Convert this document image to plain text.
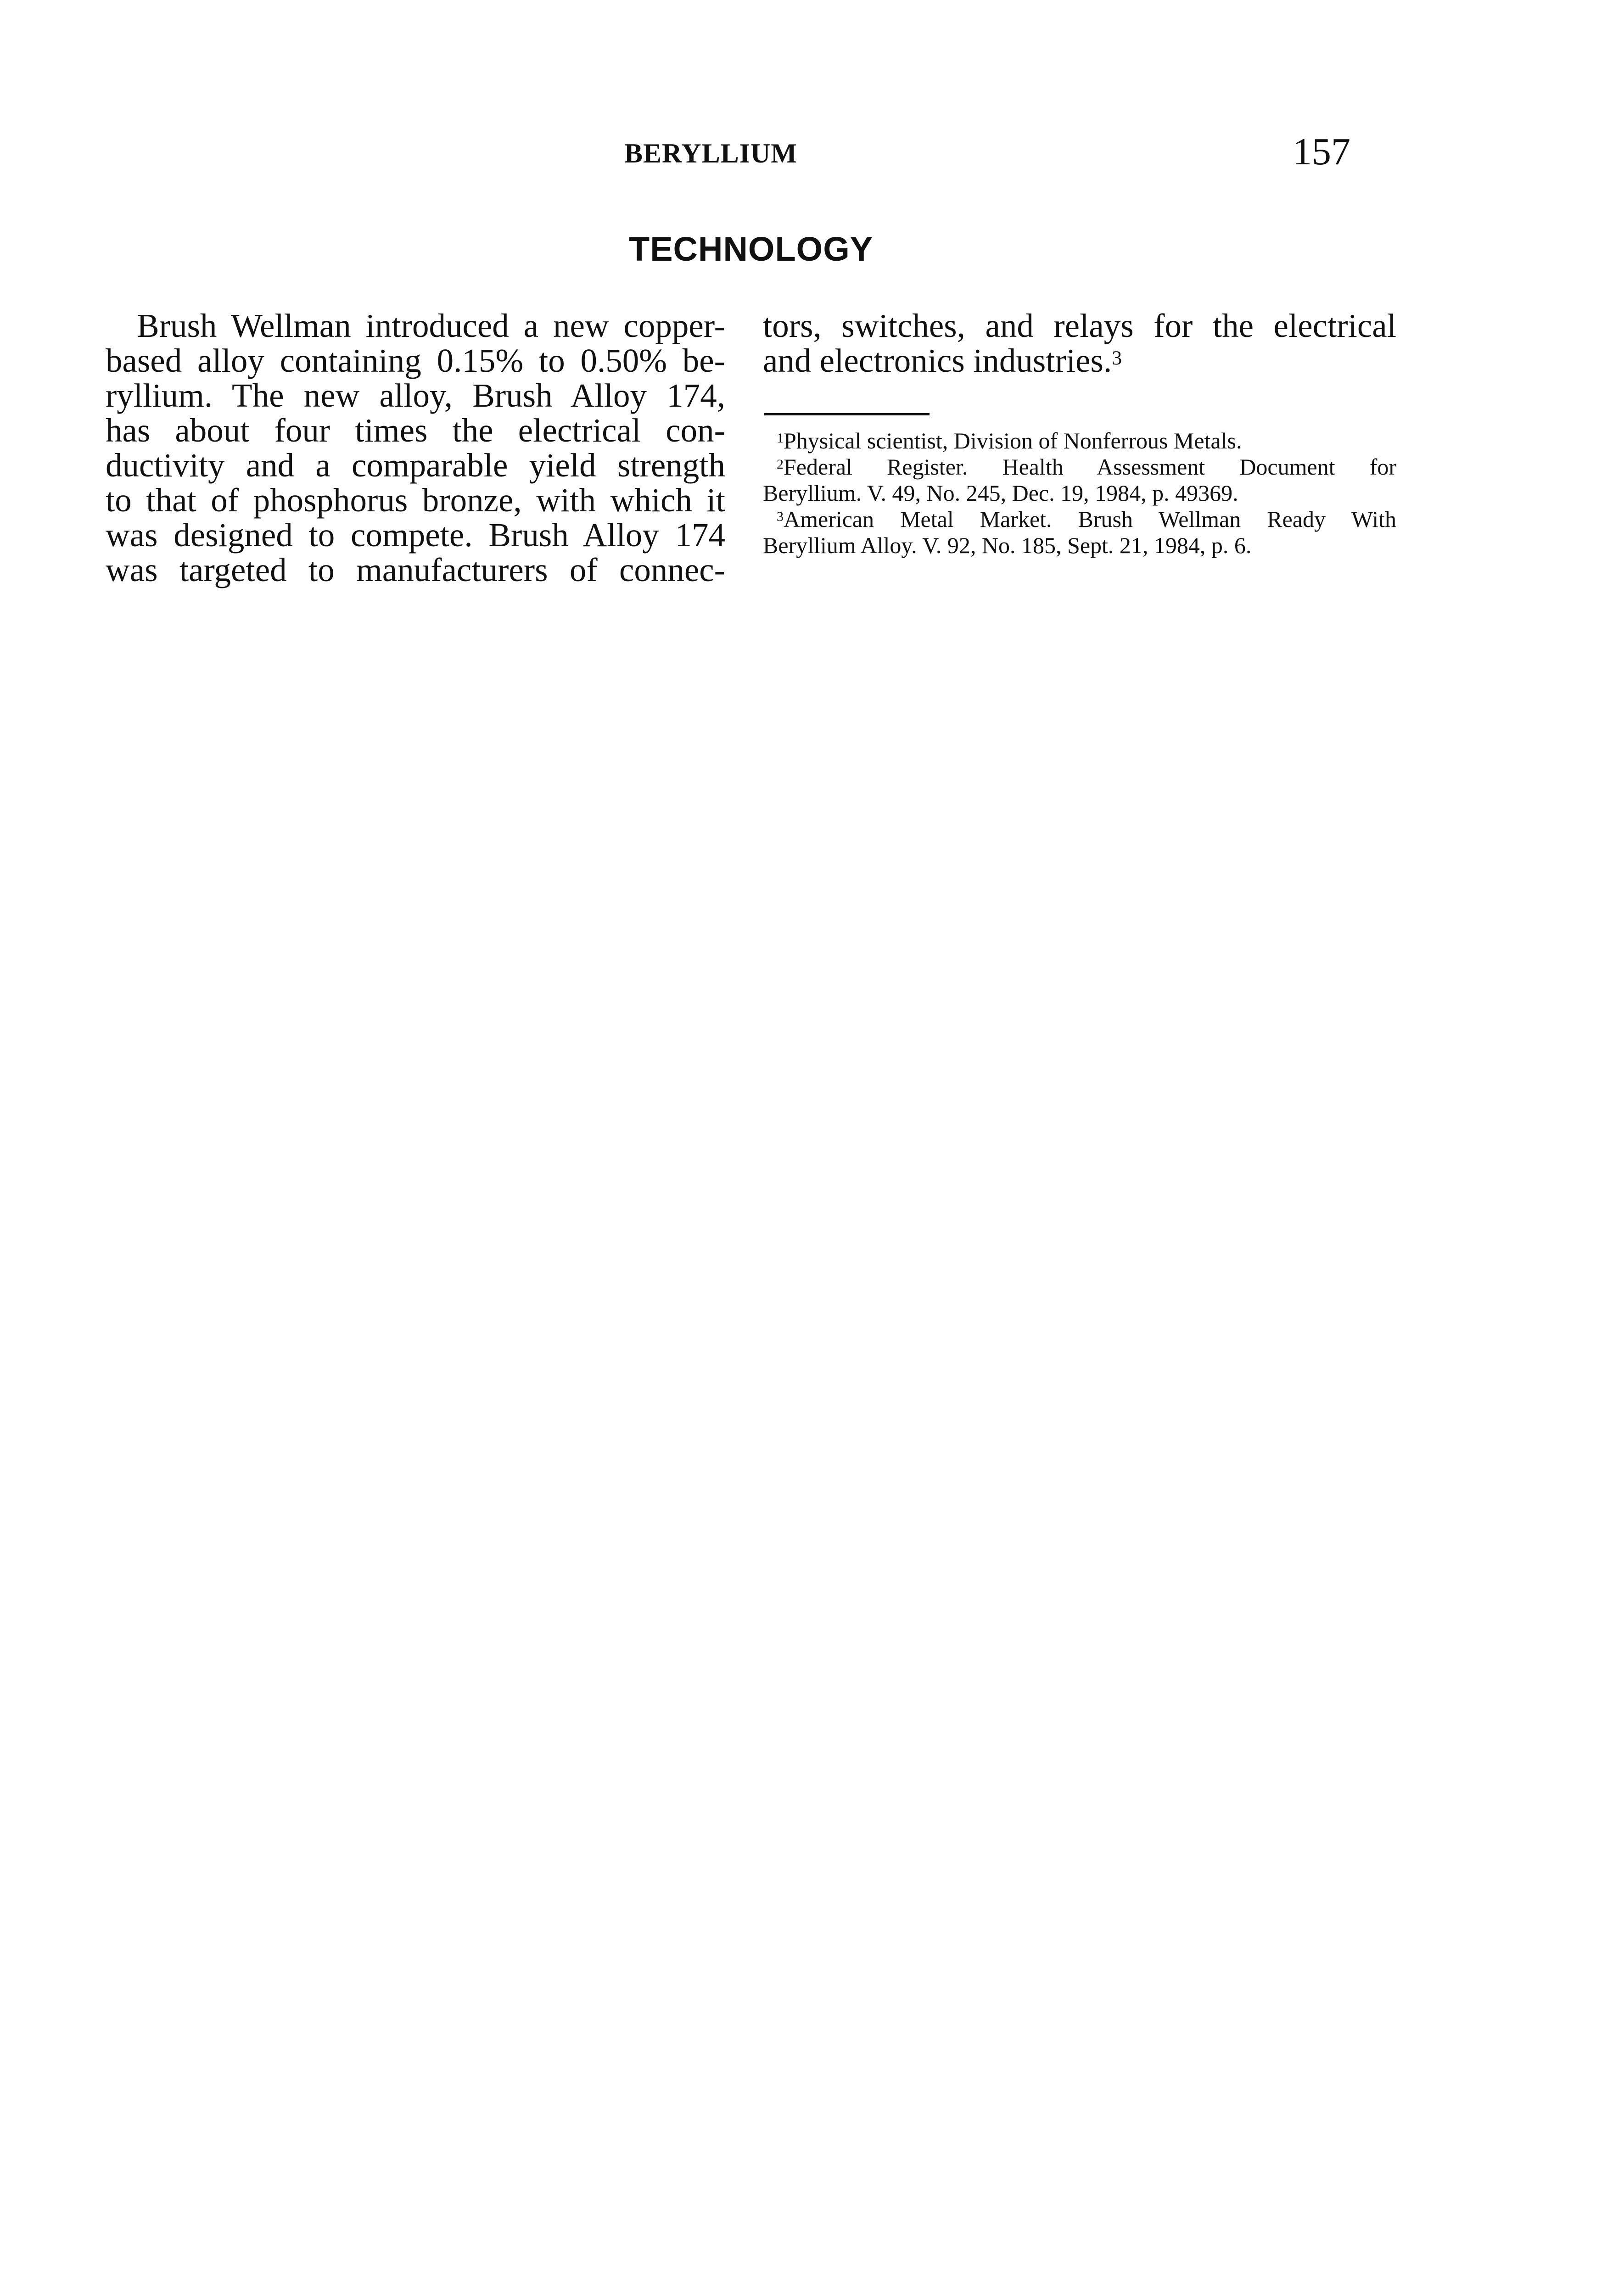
BERYLLIUM	157
TECHNOLOGY
Brush Wellman introduced a new copper-
based alloy containing 0.15% to 0.50% be-
ryllium. The new alloy, Brush Alloy 174,
has about four times the electrical con-
ductivity and a comparable yield strength
to that of phosphorus bronze, with which it
was designed to compete. Brush Alloy 174
was targeted to manufacturers of connec-
tors, switches, and relays for the electrical
and electronics industries.$^3$
$^1$Physical scientist, Division of Nonferrous Metals.
$^2$Federal Register. Health Assessment Document for
Beryllium. V. 49, No. 245, Dec. 19, 1984, p. 49369.
$^3$American Metal Market. Brush Wellman Ready With
Beryllium Alloy. V. 92, No. 185, Sept. 21, 1984, p. 6.
